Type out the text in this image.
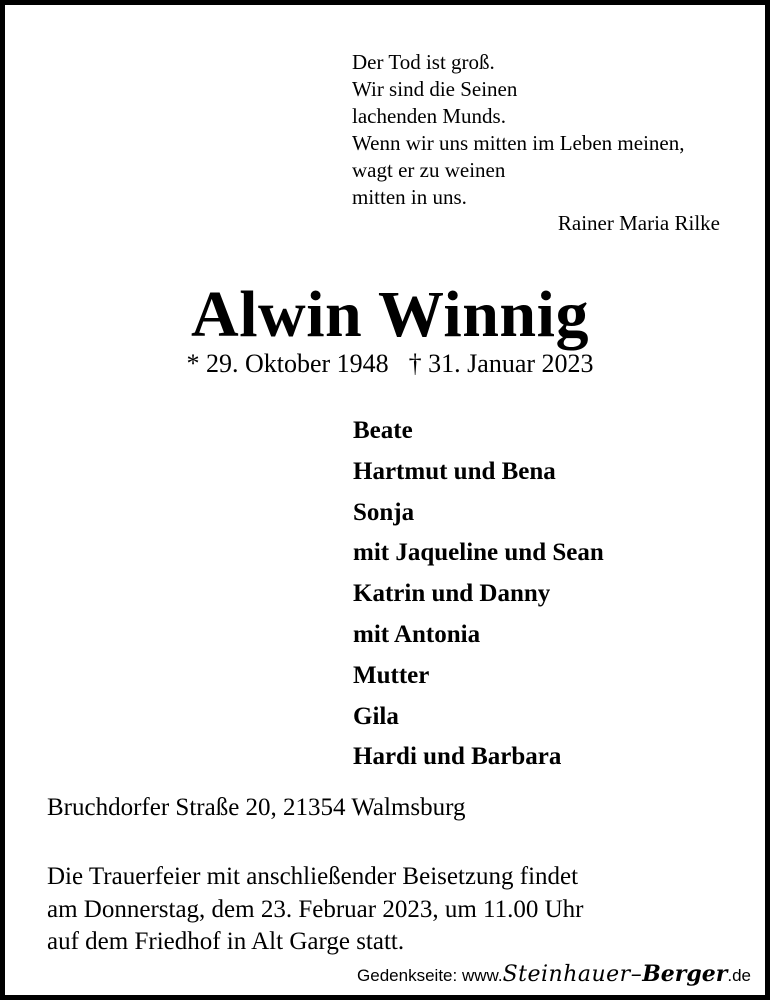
Der Tod ist groß.
Wir sind die Seinen
lachenden Munds.
Wenn wir uns mitten im Leben meinen,
wagt er zu weinen
mitten in uns.
Rainer Maria Rilke
Alwin Winnig
* 29. Oktober 1948 † 31. Januar 2023
Beate
Hartmut und Bena
Sonja
mit Jaqueline und Sean
Katrin und Danny
mit Antonia
Mutter
Gila
Hardi und Barbara
Bruchdorfer Straße 20, 21354 Walmsburg
Die Trauerfeier mit anschließender Beisetzung findet
am Donnerstag, dem 23. Februar 2023, um 11.00 Uhr
auf dem Friedhof in Alt Garge statt.
Gedenkseite: www. Steinhauer – Berger .de
